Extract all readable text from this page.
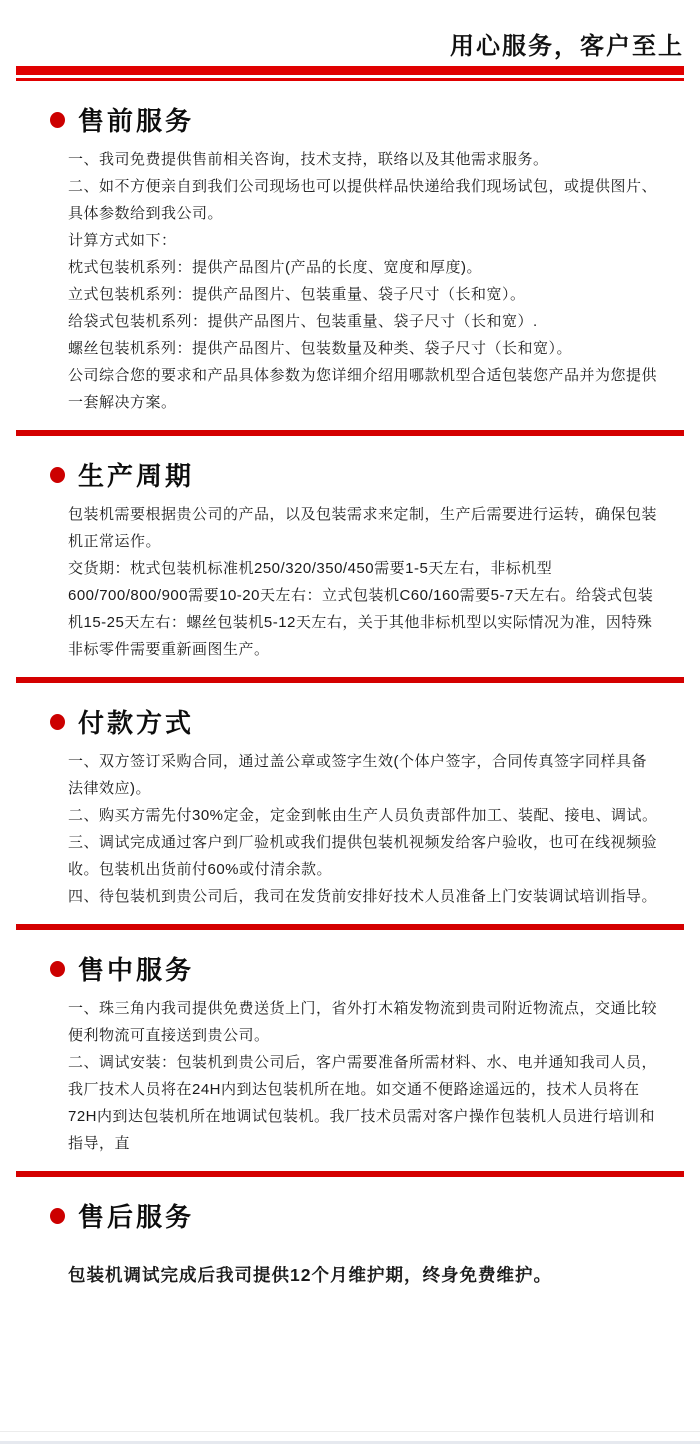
用心服务，客户至上
售前服务

一、我司免费提供售前相关咨询，技术支持，联络以及其他需求服务。

二、如不方便亲自到我们公司现场也可以提供样品快递给我们现场试包，或提供图片、具体参数给到我公司。

计算方式如下：

枕式包装机系列：提供产品图片(产品的长度、宽度和厚度)。

立式包装机系列：提供产品图片、包装重量、袋子尺寸（长和宽）。

给袋式包装机系列：提供产品图片、包装重量、袋子尺寸（长和宽）.

螺丝包装机系列：提供产品图片、包装数量及种类、袋子尺寸（长和宽）。

公司综合您的要求和产品具体参数为您详细介绍用哪款机型合适包装您产品并为您提供一套解决方案。

生产周期

包装机需要根据贵公司的产品，以及包装需求来定制，生产后需要进行运转，确保包装机正常运作。

交货期：枕式包装机标准机250/320/350/450需要1-5天左右，非标机型600/700/800/900需要10-20天左右：立式包装机C60/160需要5-7天左右。给袋式包装机15-25天左右：螺丝包装机5-12天左右，关于其他非标机型以实际情况为准，因特殊非标零件需要重新画图生产。

付款方式

一、双方签订采购合同，通过盖公章或签字生效(个体户签字，合同传真签字同样具备法律效应)。

二、购买方需先付30%定金，定金到帐由生产人员负责部件加工、装配、接电、调试。

三、调试完成通过客户到厂验机或我们提供包装机视频发给客户验收，也可在线视频验收。包装机出货前付60%或付清余款。

四、待包装机到贵公司后，我司在发货前安排好技术人员准备上门安装调试培训指导。

售中服务

一、珠三角内我司提供免费送货上门，省外打木箱发物流到贵司附近物流点，交通比较便利物流可直接送到贵公司。

二、调试安装：包装机到贵公司后，客户需要准备所需材料、水、电并通知我司人员，我厂技术人员将在24H内到达包装机所在地。如交通不便路途遥远的，技术人员将在72H内到达包装机所在地调试包装机。我厂技术员需对客户操作包装机人员进行培训和指导，直

售后服务

包装机调试完成后我司提供12个月维护期，终身免费维护。
